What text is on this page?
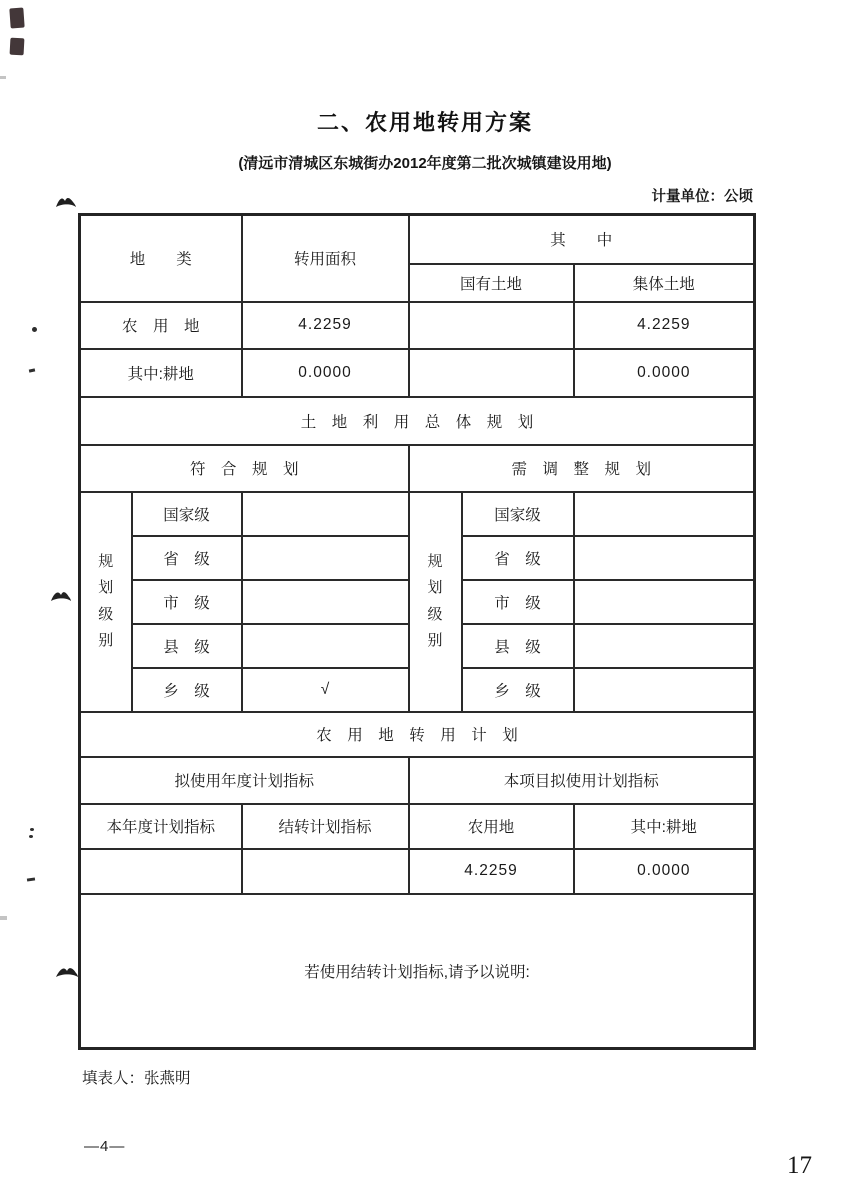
二、农用地转用方案
(清远市清城区东城街办2012年度第二批次城镇建设用地)
计量单位：公顷
地　　类		转用面积	其　　中		
			国有土地		集体土地
农　用　地		4.2259			4.2259
其中:耕地		0.0000			0.0000
土　地　利　用　总　体　规　划					
符　合　规　划			需　调　整　规　划		

规划级别	国家级		规划级别	国家级	
	省　级			省　级	
	市　级			市　级	
	县　级			县　级	
	乡　级	√		乡　级	
农　用　地　转　用　计　划					
拟使用年度计划指标			本项目拟使用计划指标		
本年度计划指标		结转计划指标	农用地		其中:耕地
			4.2259		0.0000
若使用结转计划指标,请予以说明:					
填表人：张燕明
—4—
17
